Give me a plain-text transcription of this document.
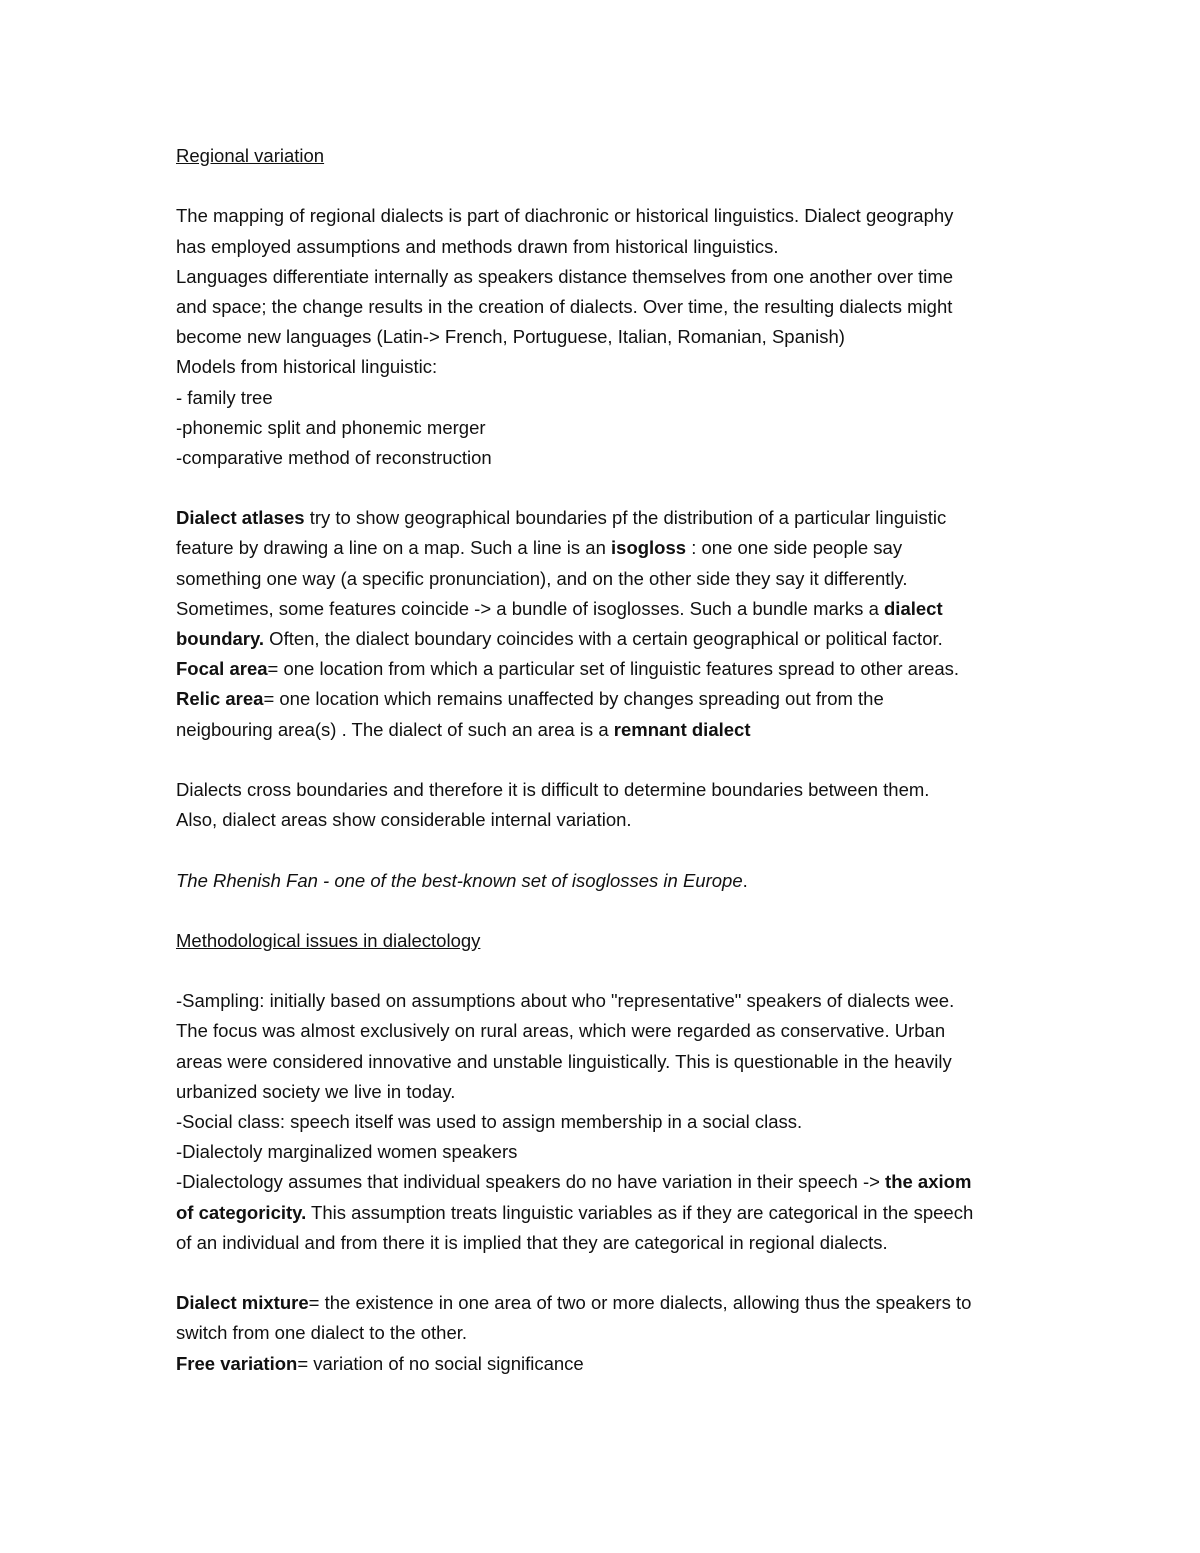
Regional variation
The mapping of regional dialects is part of diachronic or historical linguistics. Dialect geography
has employed assumptions and methods drawn from historical linguistics.
Languages differentiate internally as speakers distance themselves from one another over time
and space; the change results in the creation of dialects. Over time, the resulting dialects might
become new languages (Latin-> French, Portuguese, Italian, Romanian, Spanish)
Models from historical linguistic:
- family tree
-phonemic split and phonemic merger
-comparative method of reconstruction
Dialect atlases try to show geographical boundaries pf the distribution of a particular linguistic
feature by drawing a line on a map. Such a line is an isogloss : one one side people say
something one way (a specific pronunciation), and on the other side they say it differently.
Sometimes, some features coincide -> a bundle of isoglosses. Such a bundle marks a dialect
boundary. Often, the dialect boundary coincides with a certain geographical or political factor.
Focal area= one location from which a particular set of linguistic features spread to other areas.
Relic area= one location which remains unaffected by changes spreading out from the
neigbouring area(s) . The dialect of such an area is a remnant dialect
Dialects cross boundaries and therefore it is difficult to determine boundaries between them.
Also, dialect areas show considerable internal variation.
The Rhenish Fan - one of the best-known set of isoglosses in Europe.
Methodological issues in dialectology
-Sampling: initially based on assumptions about who "representative" speakers of dialects wee.
The focus was almost exclusively on rural areas, which were regarded as conservative. Urban
areas were considered innovative and unstable linguistically. This is questionable in the heavily
urbanized society we live in today.
-Social class: speech itself was used to assign membership in a social class.
-Dialectoly marginalized women speakers
-Dialectology assumes that individual speakers do no have variation in their speech -> the axiom
of categoricity. This assumption treats linguistic variables as if they are categorical in the speech
of an individual and from there it is implied that they are categorical in regional dialects.
Dialect mixture= the existence in one area of two or more dialects, allowing thus the speakers to
switch from one dialect to the other.
Free variation= variation of no social significance
